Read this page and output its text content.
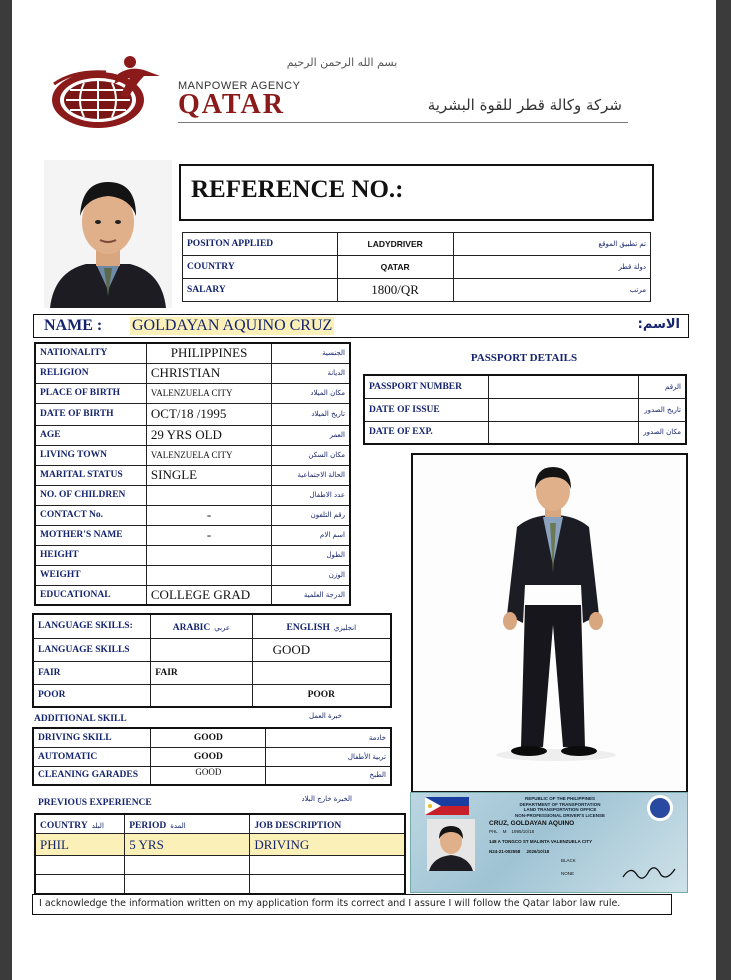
بسم الله الرحمن الرحيم
MANPOWER AGENCY
QATAR	شركة وكالة قطر للقوة البشرية
REFERENCE NO.:
POSITON APPLIED	LADYDRIVER	تم تطبيق الموقع
COUNTRY	QATAR	دولة قطر
SALARY	1800/QR	مرتب
NAME : GOLDAYAN AQUINO CRUZ	الاسم:
NATIONALITY	PHILIPPINES	الجنسية
RELIGION	CHRISTIAN	الديانة
PLACE OF BIRTH	VALENZUELA CITY	مكان الميلاد
DATE OF BIRTH	OCT/18 /1995	تاريخ الميلاد
AGE	29 YRS OLD	العمر
LIVING TOWN	VALENZUELA CITY	مكان السكن
MARITAL STATUS	SINGLE	الحالة الاجتماعية
NO. OF CHILDREN		عدد الاطفال
CONTACT No.	-	رقم التلفون
MOTHER'S NAME	-	اسم الام
HEIGHT		الطول
WEIGHT		الوزن
EDUCATIONAL	COLLEGE GRAD	الدرجة العلمية
PASSPORT DETAILS
PASSPORT NUMBER		الرقم
DATE OF ISSUE		تاريخ الصدور
DATE OF EXP.		مكان الصدور
LANGUAGE SKILLS:	ARABIC عربي	ENGLISH انجليزي
LANGUAGE SKILLS		GOOD
FAIR	FAIR	
POOR		POOR
ADDITIONAL SKILL	خبرة العمل
DRIVING SKILL	GOOD	خادمة
AUTOMATIC	GOOD	تربية الأطفال
CLEANING GARADES	GOOD	الطبخ
PREVIOUS EXPERIENCE	الخبرة خارج البلاد
COUNTRY البلد	PERIOD المدة	JOB DESCRIPTION
PHIL	5 YRS	DRIVING

REPUBLIC OF THE PHILIPPINES
DEPARTMENT OF TRANSPORTATION
LAND TRANSPORTATION OFFICE
NON-PROFESSIONAL DRIVER'S LICENSE
CRUZ, GOLDAYAN AQUINO
PHL M 1995/10/18
148 A TONGCO ST MALINTA VALENZUELA CITY
N24-21-002558 2026/10/18
BLACK
NONE
I acknowledge the information written on my application form its correct and I assure I will follow the Qatar labor law rule.
